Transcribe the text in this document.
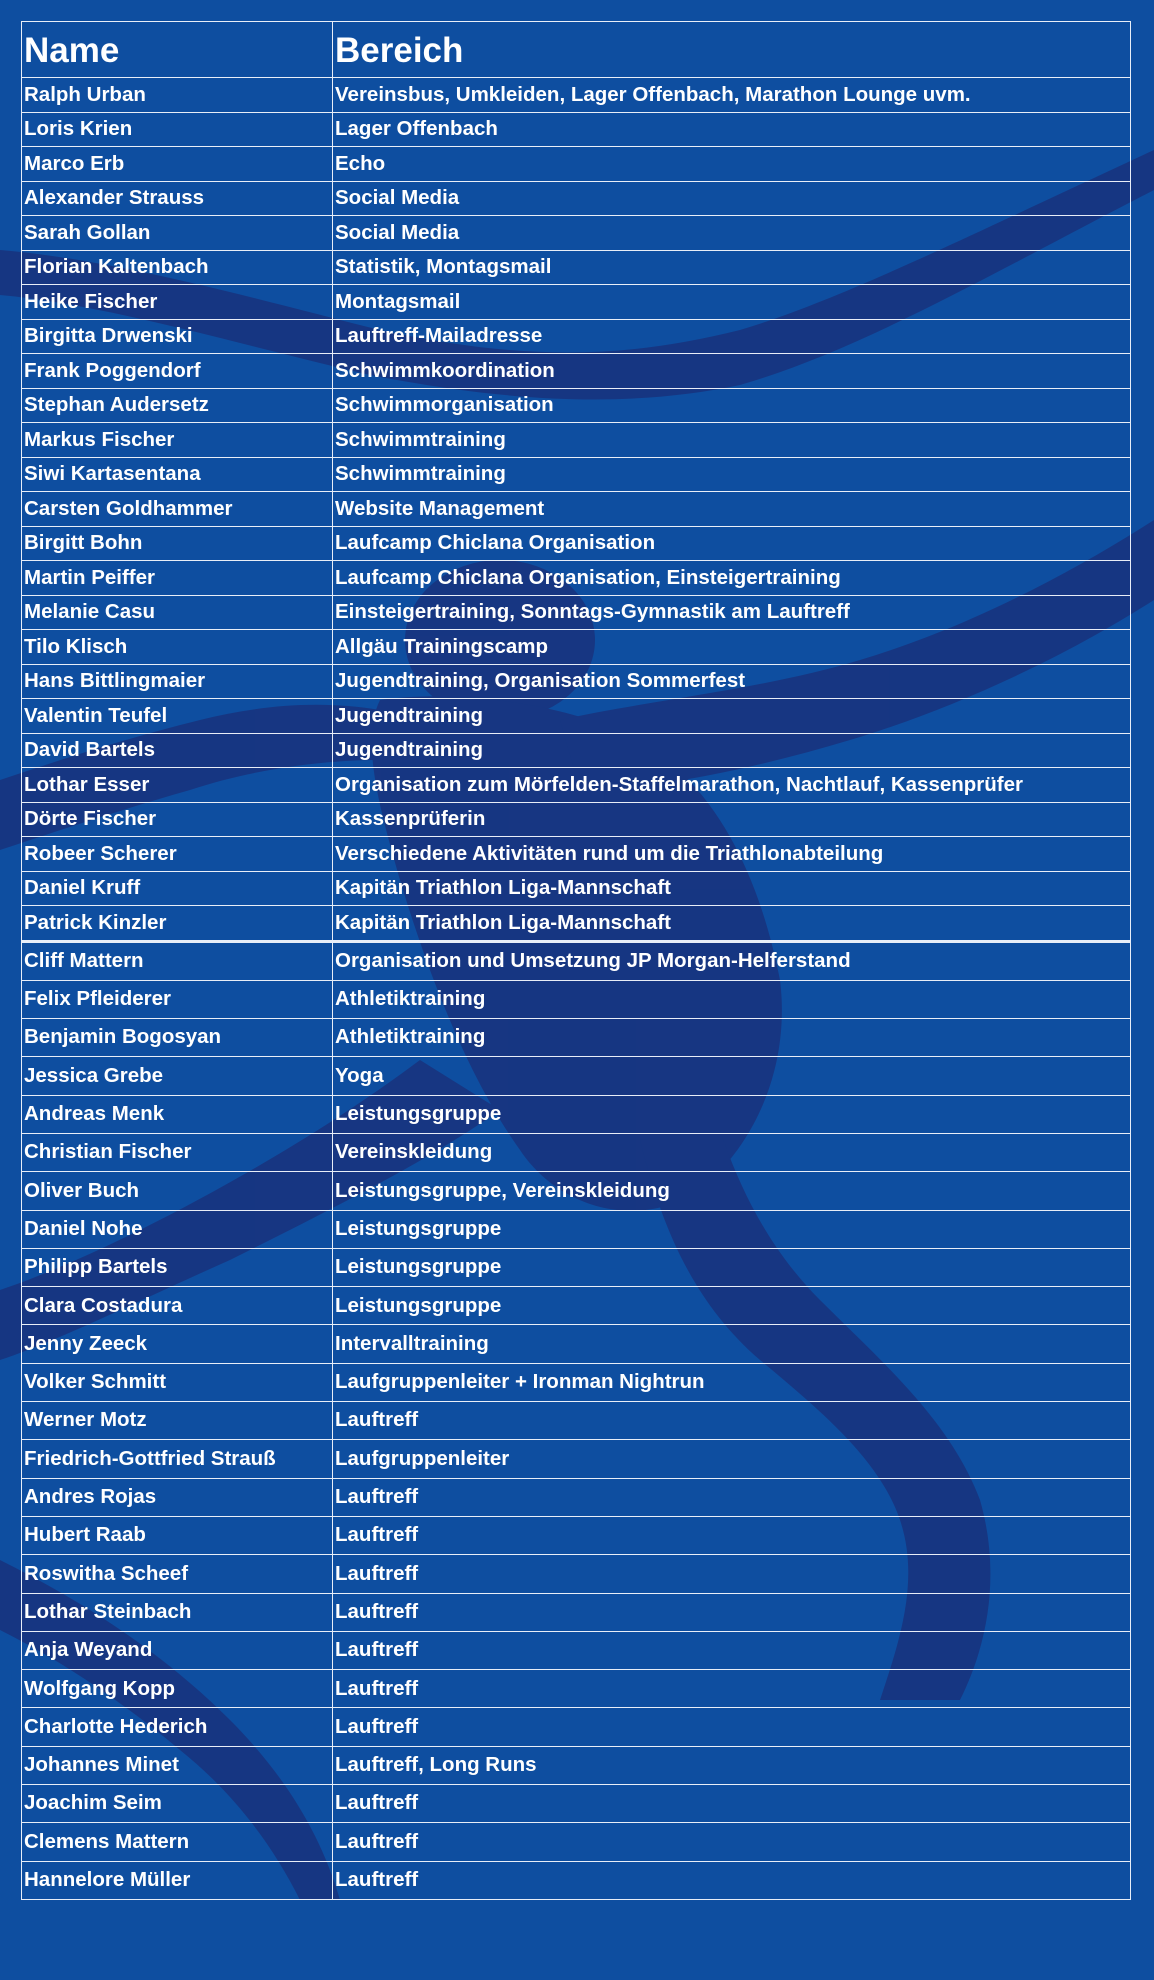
Name	Bereich
Ralph Urban	Vereinsbus, Umkleiden, Lager Offenbach, Marathon Lounge uvm.
Loris Krien	Lager Offenbach
Marco Erb	Echo
Alexander Strauss	Social Media
Sarah Gollan	Social Media
Florian Kaltenbach	Statistik, Montagsmail
Heike Fischer	Montagsmail
Birgitta Drwenski	Lauftreff-Mailadresse
Frank Poggendorf	Schwimmkoordination
Stephan Audersetz	Schwimmorganisation
Markus Fischer	Schwimmtraining
Siwi Kartasentana	Schwimmtraining
Carsten Goldhammer	Website Management
Birgitt Bohn	Laufcamp Chiclana Organisation
Martin Peiffer	Laufcamp Chiclana Organisation, Einsteigertraining
Melanie Casu	Einsteigertraining, Sonntags-Gymnastik am Lauftreff
Tilo Klisch	Allgäu Trainingscamp
Hans Bittlingmaier	Jugendtraining, Organisation Sommerfest
Valentin Teufel	Jugendtraining
David Bartels	Jugendtraining
Lothar Esser	Organisation zum Mörfelden-Staffelmarathon, Nachtlauf, Kassenprüfer
Dörte Fischer	Kassenprüferin
Robeer Scherer	Verschiedene Aktivitäten rund um die Triathlonabteilung
Daniel Kruff	Kapitän Triathlon Liga-Mannschaft
Patrick Kinzler	Kapitän Triathlon Liga-Mannschaft
Cliff Mattern	Organisation und Umsetzung JP Morgan-Helferstand
Felix Pfleiderer	Athletiktraining
Benjamin Bogosyan	Athletiktraining
Jessica Grebe	Yoga
Andreas Menk	Leistungsgruppe
Christian Fischer	Vereinskleidung
Oliver Buch	Leistungsgruppe, Vereinskleidung
Daniel Nohe	Leistungsgruppe
Philipp Bartels	Leistungsgruppe
Clara Costadura	Leistungsgruppe
Jenny Zeeck	Intervalltraining
Volker Schmitt	Laufgruppenleiter + Ironman Nightrun
Werner Motz	Lauftreff
Friedrich-Gottfried Strauß	Laufgruppenleiter
Andres Rojas	Lauftreff
Hubert Raab	Lauftreff
Roswitha Scheef	Lauftreff
Lothar Steinbach	Lauftreff
Anja Weyand	Lauftreff
Wolfgang Kopp	Lauftreff
Charlotte Hederich	Lauftreff
Johannes Minet	Lauftreff, Long Runs
Joachim Seim	Lauftreff
Clemens Mattern	Lauftreff
Hannelore Müller	Lauftreff
